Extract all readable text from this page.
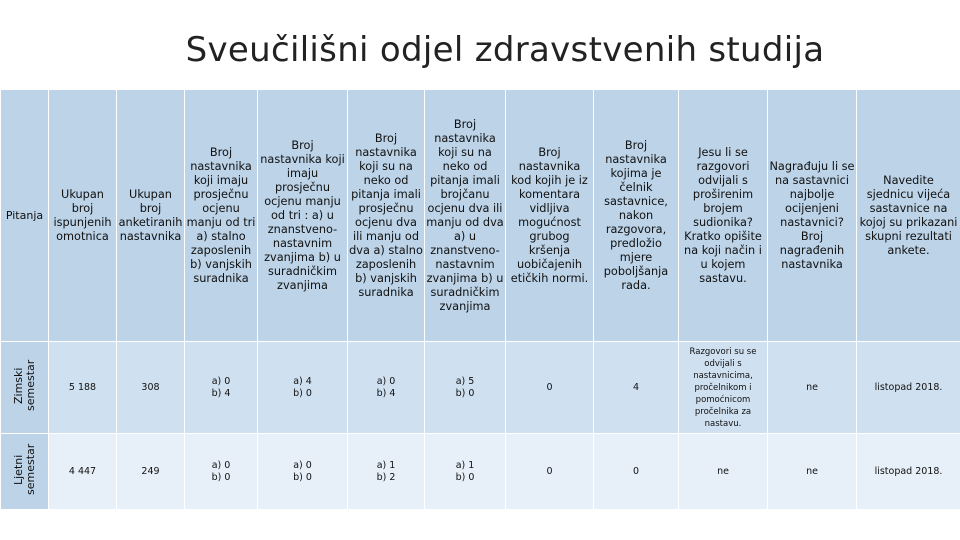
Sveučilišni odjel zdravstvenih studija
Pitanja	Ukupan broj ispunjenih omotnica	Ukupan broj anketiranih nastavnika	Broj nastavnika koji imaju prosječnu ocjenu manju od tri a) stalno zaposlenih b) vanjskih suradnika	Broj nastavnika koji imaju prosječnu ocjenu manju od tri : a) u znanstveno-nastavnim zvanjima b) u suradničkim zvanjima	Broj nastavnika koji su na neko od pitanja imali prosječnu ocjenu dva ili manju od dva a) stalno zaposlenih b) vanjskih suradnika	Broj nastavnika koji su na neko od pitanja imali brojčanu ocjenu dva ili manju od dva a) u znanstveno-nastavnim zvanjima b) u suradničkim zvanjima	Broj nastavnika kod kojih je iz komentara vidljiva mogućnost grubog kršenja uobičajenih etičkih normi.	Broj nastavnika kojima je čelnik sastavnice, nakon razgovora, predložio mjere poboljšanja rada.	Jesu li se razgovori odvijali s proširenim brojem sudionika? Kratko opišite na koji način i u kojem sastavu.	Nagrađuju li se na sastavnici najbolje ocijenjeni nastavnici? Broj nagrađenih nastavnika	Navedite sjednicu vijeća sastavnice na kojoj su prikazani skupni rezultati ankete.
Zimski semestar	5 188	308	a) 0
b) 4	a) 4
b) 0	a) 0
b) 4	a) 5
b) 0	0	4	Razgovori su se odvijali s nastavnicima, pročelnikom i pomoćnicom pročelnika za nastavu.	ne	listopad 2018.
Ljetni semestar	4 447	249	a) 0
b) 0	a) 0
b) 0	a) 1
b) 2	a) 1
b) 0	0	0	ne	ne	listopad 2018.
